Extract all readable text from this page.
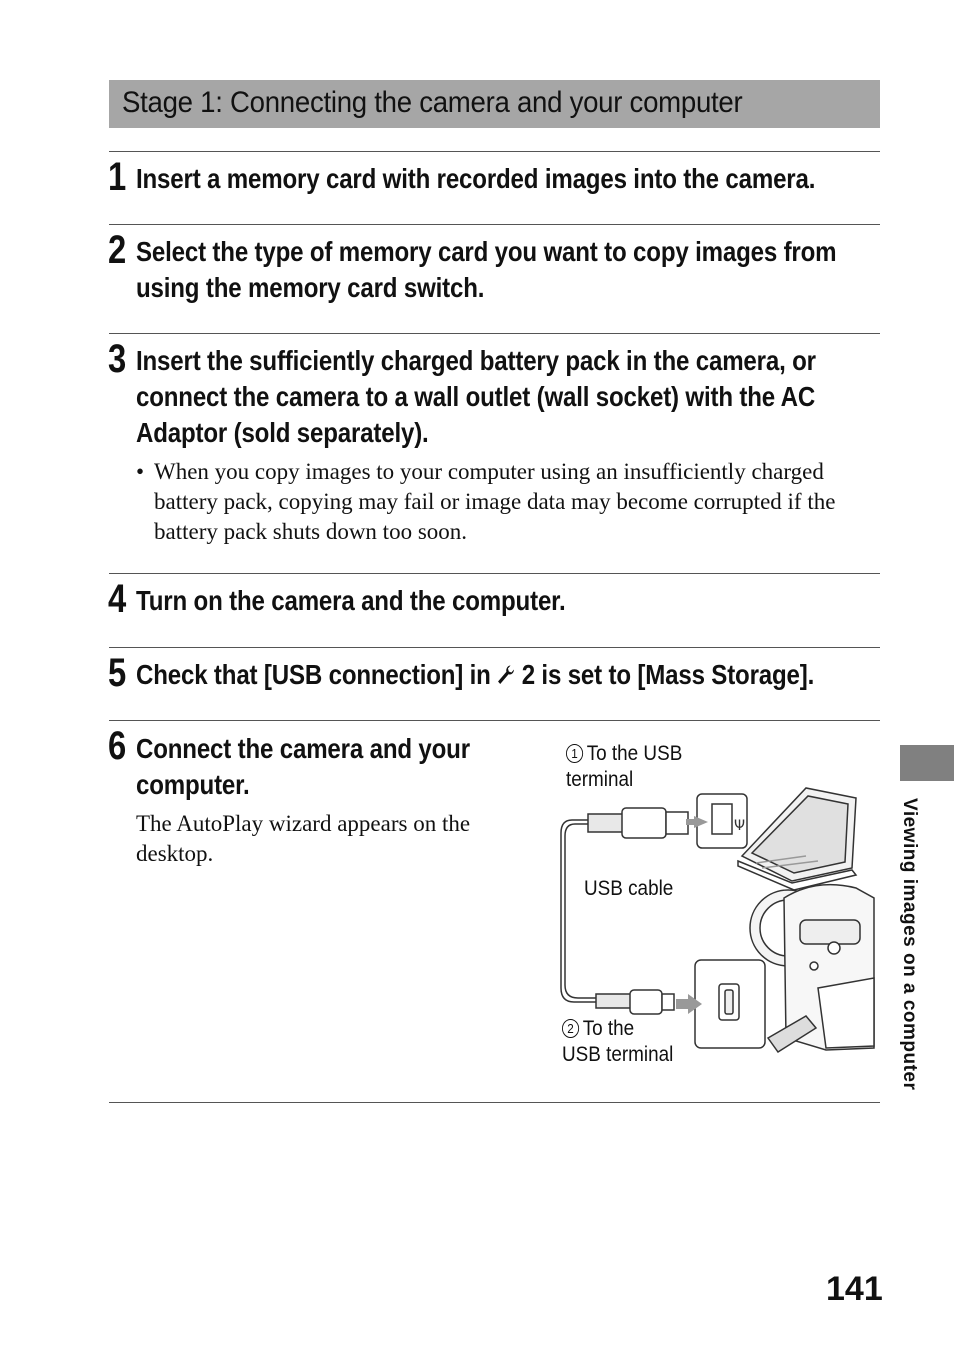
Stage 1: Connecting the camera and your computer
1 Insert a memory card with recorded images into the camera.
2 Select the type of memory card you want to copy images from
using the memory card switch.
3 Insert the sufficiently charged battery pack in the camera, or
connect the camera to a wall outlet (wall socket) with the AC
Adaptor (sold separately).
• When you copy images to your computer using an insufficiently charged
battery pack, copying may fail or image data may become corrupted if the
battery pack shuts down too soon.
4 Turn on the camera and the computer.
5 Check that [USB connection] in 2 is set to [Mass Storage].
6 Connect the camera and your
computer.
The AutoPlay wizard appears on the
desktop.
Ψ
1 To the USB
terminal
USB cable
2 To the
USB terminal	Viewing images on a computer
141
